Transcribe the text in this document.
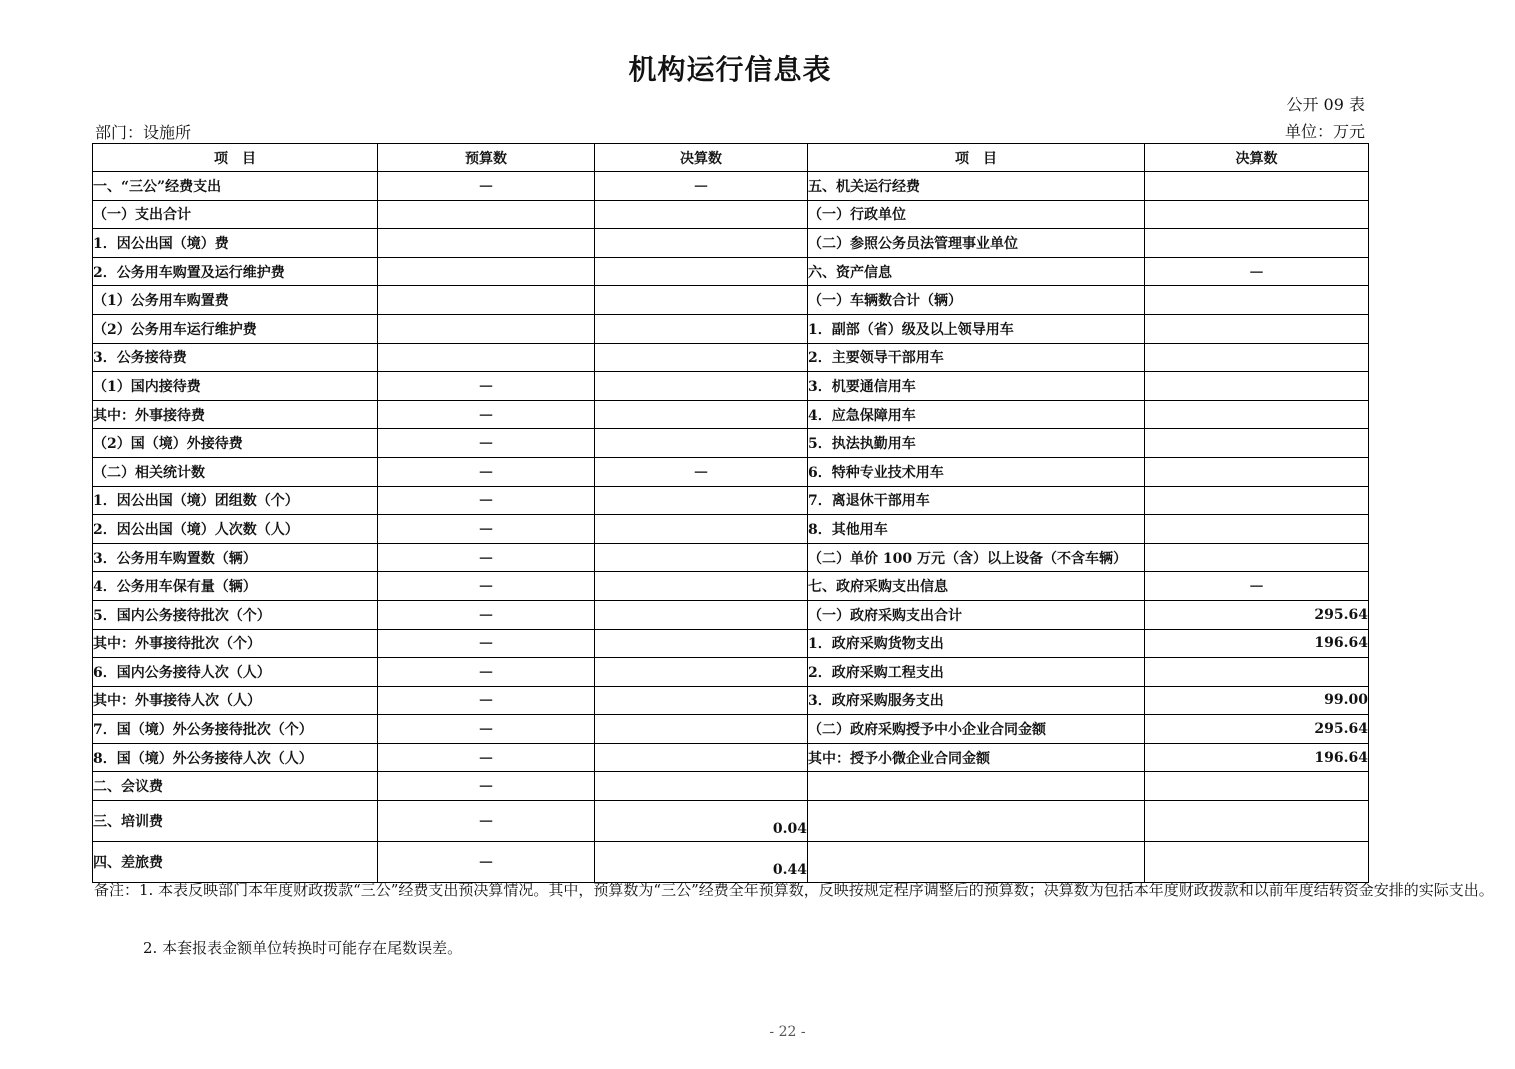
机构运行信息表
公开 09 表
部门：设施所	单位：万元
项　目	预算数	决算数	项　目	决算数
一、“三公”经费支出	—	—	五、机关运行经费	
（一）支出合计			（一）行政单位	
1．因公出国（境）费			（二）参照公务员法管理事业单位	
2．公务用车购置及运行维护费			六、资产信息	—
（1）公务用车购置费			（一）车辆数合计（辆）	
（2）公务用车运行维护费			1．副部（省）级及以上领导用车	
3．公务接待费			2．主要领导干部用车	
（1）国内接待费	—		3．机要通信用车	
其中：外事接待费	—		4．应急保障用车	
（2）国（境）外接待费	—		5．执法执勤用车	
（二）相关统计数	—	—	6．特种专业技术用车	
1．因公出国（境）团组数（个）	—		7．离退休干部用车	
2．因公出国（境）人次数（人）	—		8．其他用车	
3．公务用车购置数（辆）	—		（二）单价 100 万元（含）以上设备（不含车辆）	
4．公务用车保有量（辆）	—		七、政府采购支出信息	—
5．国内公务接待批次（个）	—		（一）政府采购支出合计	295.64
其中：外事接待批次（个）	—		1．政府采购货物支出	196.64
6．国内公务接待人次（人）	—		2．政府采购工程支出	
其中：外事接待人次（人）	—		3．政府采购服务支出	99.00
7．国（境）外公务接待批次（个）	—		（二）政府采购授予中小企业合同金额	295.64
8．国（境）外公务接待人次（人）	—		其中：授予小微企业合同金额	196.64
二、会议费	—			
三、培训费	—	0.04		
四、差旅费	—	0.44		
备注：1. 本表反映部门本年度财政拨款“三公”经费支出预决算情况。其中，预算数为“三公”经费全年预算数，反映按规定程序调整后的预算数；决算数为包括本年度财政拨款和以前年度结转资金安排的实际支出。
2. 本套报表金额单位转换时可能存在尾数误差。
- 22 -
